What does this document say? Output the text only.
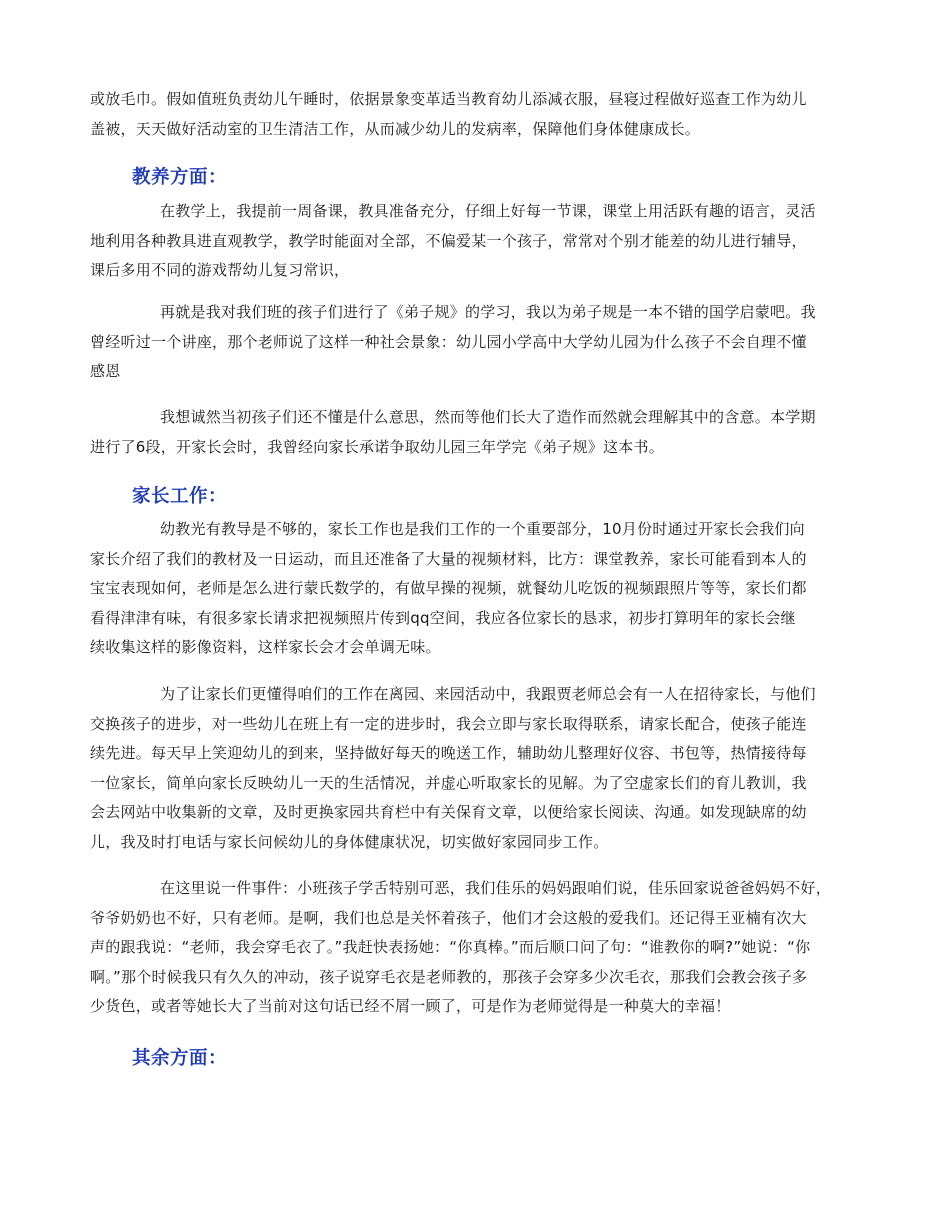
或放毛巾。假如值班负责幼儿午睡时，依据景象变革适当教育幼儿添减衣服，昼寝过程做好巡查工作为幼儿
盖被，天天做好活动室的卫生清洁工作，从而减少幼儿的发病率，保障他们身体健康成长。
教养方面：
在教学上，我提前一周备课，教具准备充分，仔细上好每一节课，课堂上用活跃有趣的语言，灵活
地利用各种教具进直观教学，教学时能面对全部，不偏爱某一个孩子，常常对个别才能差的幼儿进行辅导，
课后多用不同的游戏帮幼儿复习常识，
再就是我对我们班的孩子们进行了《弟子规》的学习，我以为弟子规是一本不错的国学启蒙吧。我
曾经听过一个讲座，那个老师说了这样一种社会景象：幼儿园小学高中大学幼儿园为什么孩子不会自理不懂
感恩
我想诚然当初孩子们还不懂是什么意思，然而等他们长大了造作而然就会理解其中的含意。本学期
进行了6段，开家长会时，我曾经向家长承诺争取幼儿园三年学完《弟子规》这本书。
家长工作：
幼教光有教导是不够的，家长工作也是我们工作的一个重要部分，10月份时通过开家长会我们向
家长介绍了我们的教材及一日运动，而且还准备了大量的视频材料，比方：课堂教养，家长可能看到本人的
宝宝表现如何，老师是怎么进行蒙氏数学的，有做早操的视频，就餐幼儿吃饭的视频跟照片等等，家长们都
看得津津有味，有很多家长请求把视频照片传到qq空间，我应各位家长的恳求，初步打算明年的家长会继
续收集这样的影像资料，这样家长会才会单调无味。
为了让家长们更懂得咱们的工作在离园、来园活动中，我跟贾老师总会有一人在招待家长，与他们
交换孩子的进步，对一些幼儿在班上有一定的进步时，我会立即与家长取得联系，请家长配合，使孩子能连
续先进。每天早上笑迎幼儿的到来，坚持做好每天的晚送工作，辅助幼儿整理好仪容、书包等，热情接待每
一位家长，简单向家长反映幼儿一天的生活情况，并虚心听取家长的见解。为了空虚家长们的育儿教训，我
会去网站中收集新的文章，及时更换家园共育栏中有关保育文章，以便给家长阅读、沟通。如发现缺席的幼
儿，我及时打电话与家长问候幼儿的身体健康状况，切实做好家园同步工作。
在这里说一件事件：小班孩子学舌特别可恶，我们佳乐的妈妈跟咱们说，佳乐回家说爸爸妈妈不好，
爷爷奶奶也不好，只有老师。是啊，我们也总是关怀着孩子，他们才会这般的爱我们。还记得王亚楠有次大
声的跟我说：“老师，我会穿毛衣了。”我赶快表扬她：“你真棒。”而后顺口问了句：“谁教你的啊?”她说：“你
啊。”那个时候我只有久久的冲动，孩子说穿毛衣是老师教的，那孩子会穿多少次毛衣，那我们会教会孩子多
少货色，或者等她长大了当前对这句话已经不屑一顾了，可是作为老师觉得是一种莫大的幸福！
其余方面：
